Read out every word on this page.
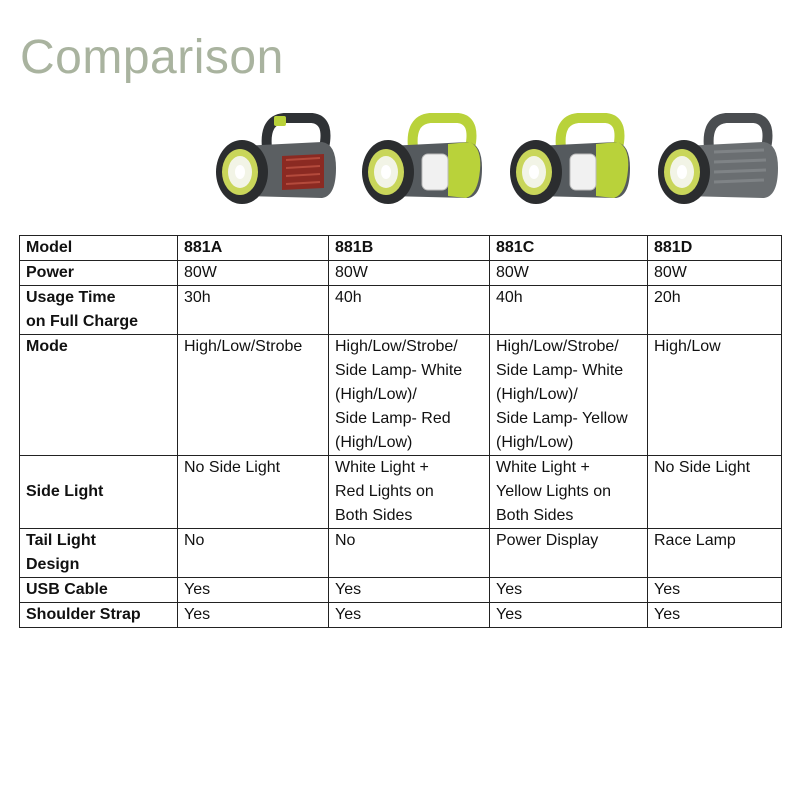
Comparison
Model	881A	881B	881C	881D
Power	80W	80W	80W	80W
Usage Time
on Full Charge	30h	40h	40h	20h
Mode	High/Low/Strobe	High/Low/Strobe/
Side Lamp- White
(High/Low)/
Side Lamp- Red
(High/Low)	High/Low/Strobe/
Side Lamp- White
(High/Low)/
Side Lamp- Yellow
(High/Low)	High/Low
Side Light	No Side Light	White Light +
Red Lights on
Both Sides	White Light +
Yellow Lights on
Both Sides	No Side Light
Tail Light
Design	No	No	Power Display	Race Lamp
USB Cable	Yes	Yes	Yes	Yes
Shoulder Strap	Yes	Yes	Yes	Yes
